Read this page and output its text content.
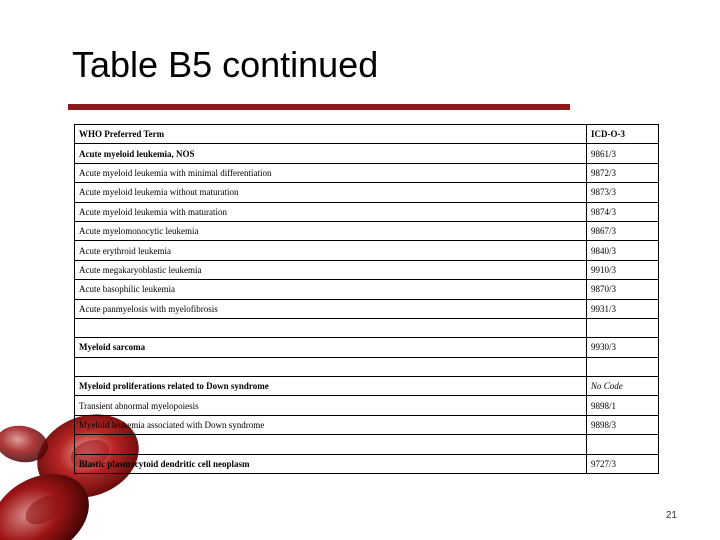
Table B5 continued
WHO Preferred Term	ICD-O-3
Acute myeloid leukemia, NOS	9861/3
Acute myeloid leukemia with minimal differentiation	9872/3
Acute myeloid leukemia without maturation	9873/3
Acute myeloid leukemia with maturation	9874/3
Acute myelomonocytic leukemia	9867/3
Acute erythroid leukemia	9840/3
Acute megakaryoblastic leukemia	9910/3
Acute basophilic leukemia	9870/3
Acute panmyelosis with myelofibrosis	9931/3

Myeloid sarcoma	9930/3

Myeloid proliferations related to Down syndrome	No Code
Transient abnormal myelopoiesis	9898/1
Myeloid leukemia associated with Down syndrome	9898/3

Blastic plasmacytoid dendritic cell neoplasm	9727/3
21
